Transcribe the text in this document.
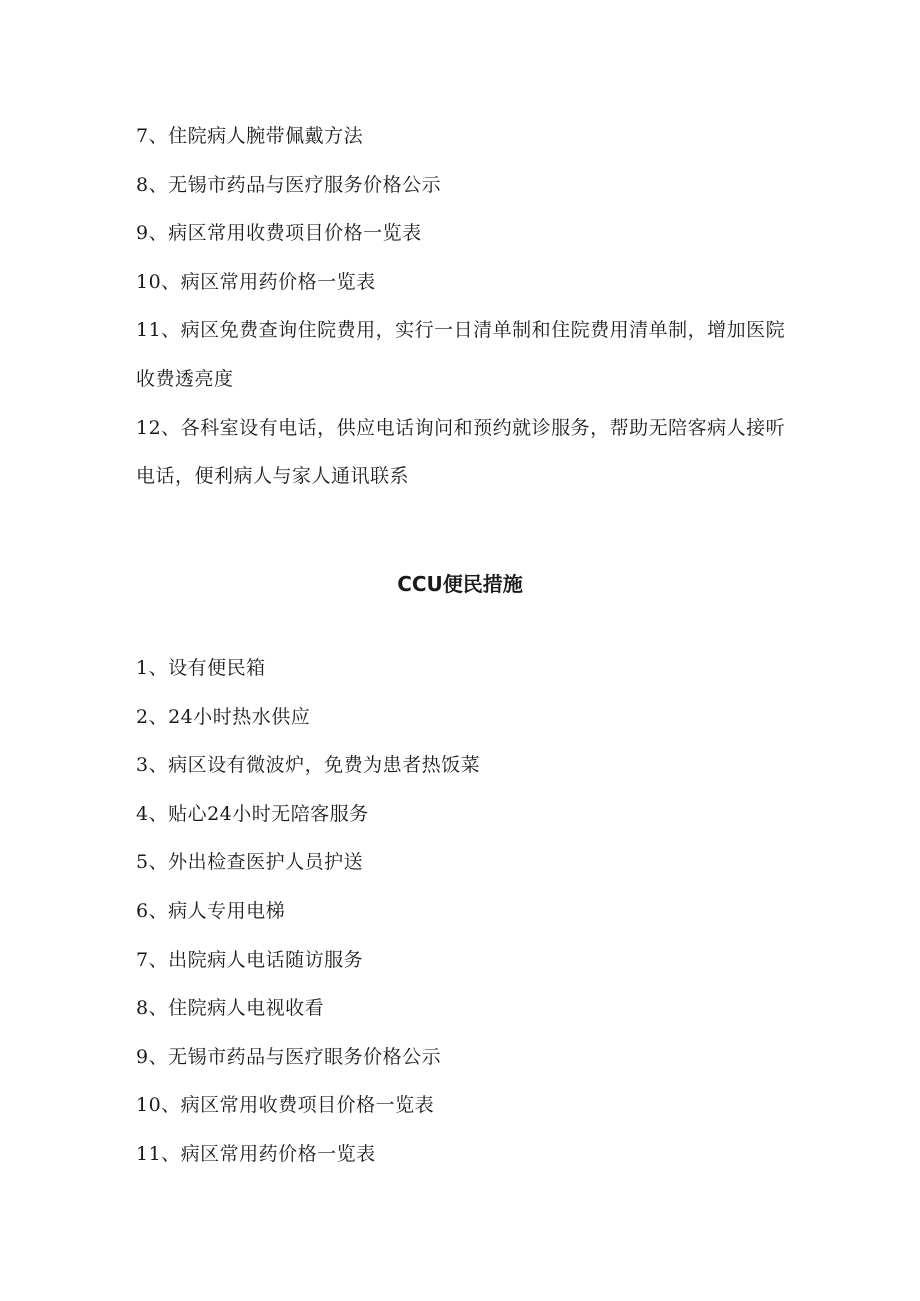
7、住院病人腕带佩戴方法
8、无锡市药品与医疗服务价格公示
9、病区常用收费项目价格一览表
10、病区常用药价格一览表
11、病区免费查询住院费用，实行一日清单制和住院费用清单制，增加医院收费透亮度
12、各科室设有电话，供应电话询问和预约就诊服务，帮助无陪客病人接听电话，便利病人与家人通讯联系
CCU便民措施
1、设有便民箱
2、24小时热水供应
3、病区设有微波炉，免费为患者热饭菜
4、贴心24小时无陪客服务
5、外出检查医护人员护送
6、病人专用电梯
7、出院病人电话随访服务
8、住院病人电视收看
9、无锡市药品与医疗眼务价格公示
10、病区常用收费项目价格一览表
11、病区常用药价格一览表
